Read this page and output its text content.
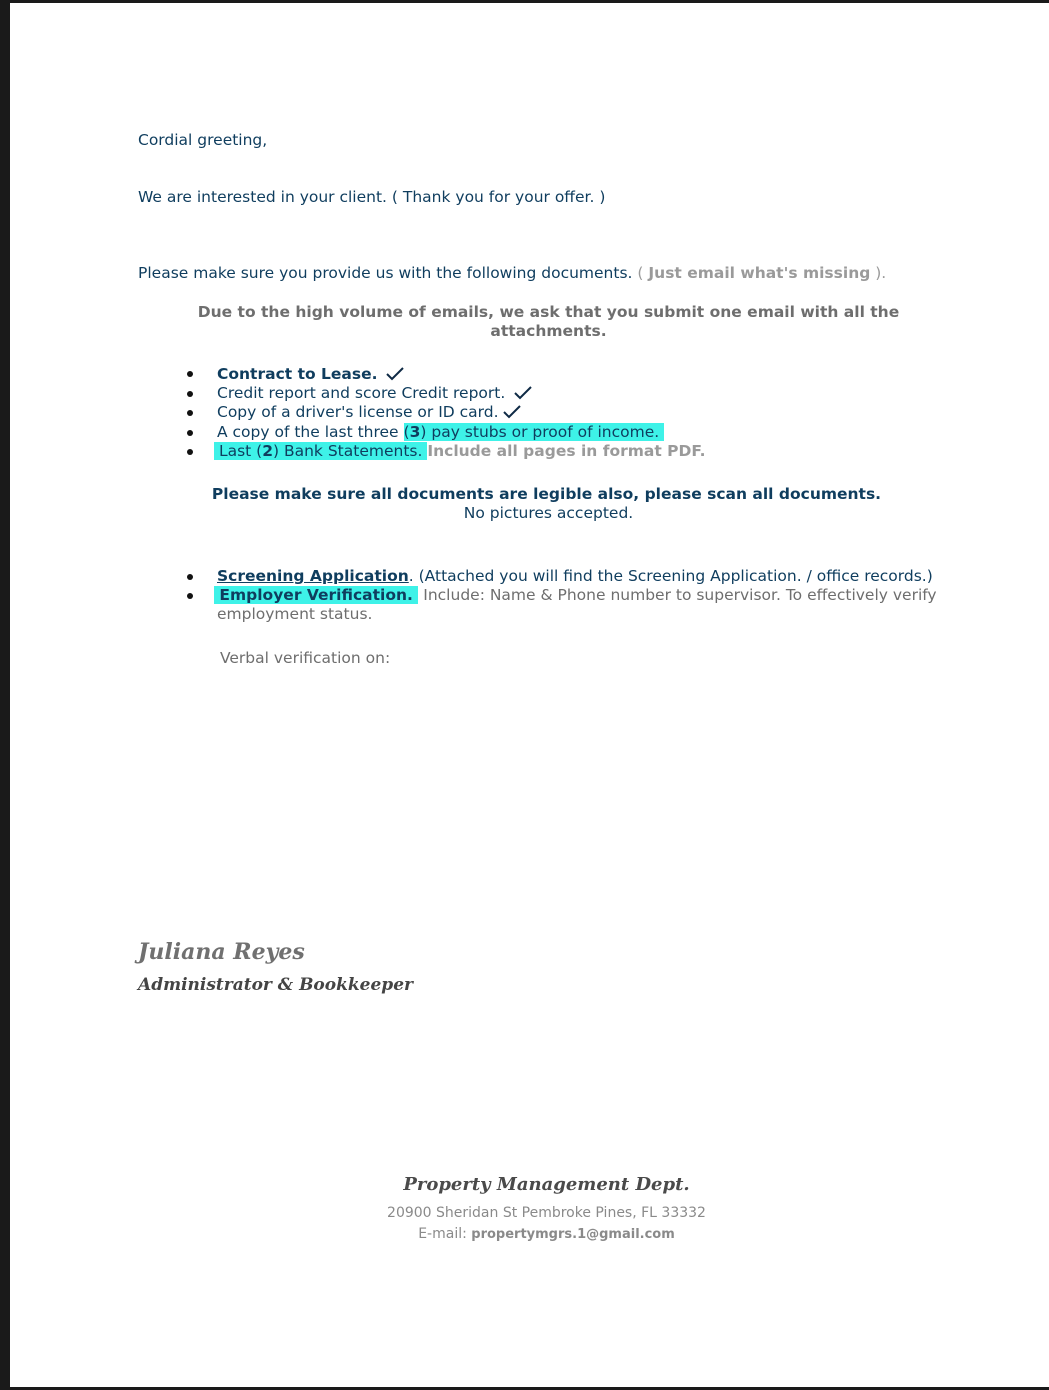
Cordial greeting,
We are interested in your client. ( Thank you for your offer. )
Please make sure you provide us with the following documents. ( Just email what's missing ).
Due to the high volume of emails, we ask that you submit one email with all the
attachments.
Contract to Lease.
Credit report and score Credit report.
Copy of a driver's license or ID card.
A copy of the last three (3) pay stubs or proof of income.
Last (2) Bank Statements. Include all pages in format PDF.
Please make sure all documents are legible also, please scan all documents.
No pictures accepted.
Screening Application. (Attached you will find the Screening Application. / office records.)
Employer Verification. Include: Name & Phone number to supervisor. To effectively verify
employment status.
Verbal verification on:
Juliana Reyes
Administrator & Bookkeeper
Property Management Dept.
20900 Sheridan St Pembroke Pines, FL 33332
E-mail: propertymgrs.1@gmail.com
